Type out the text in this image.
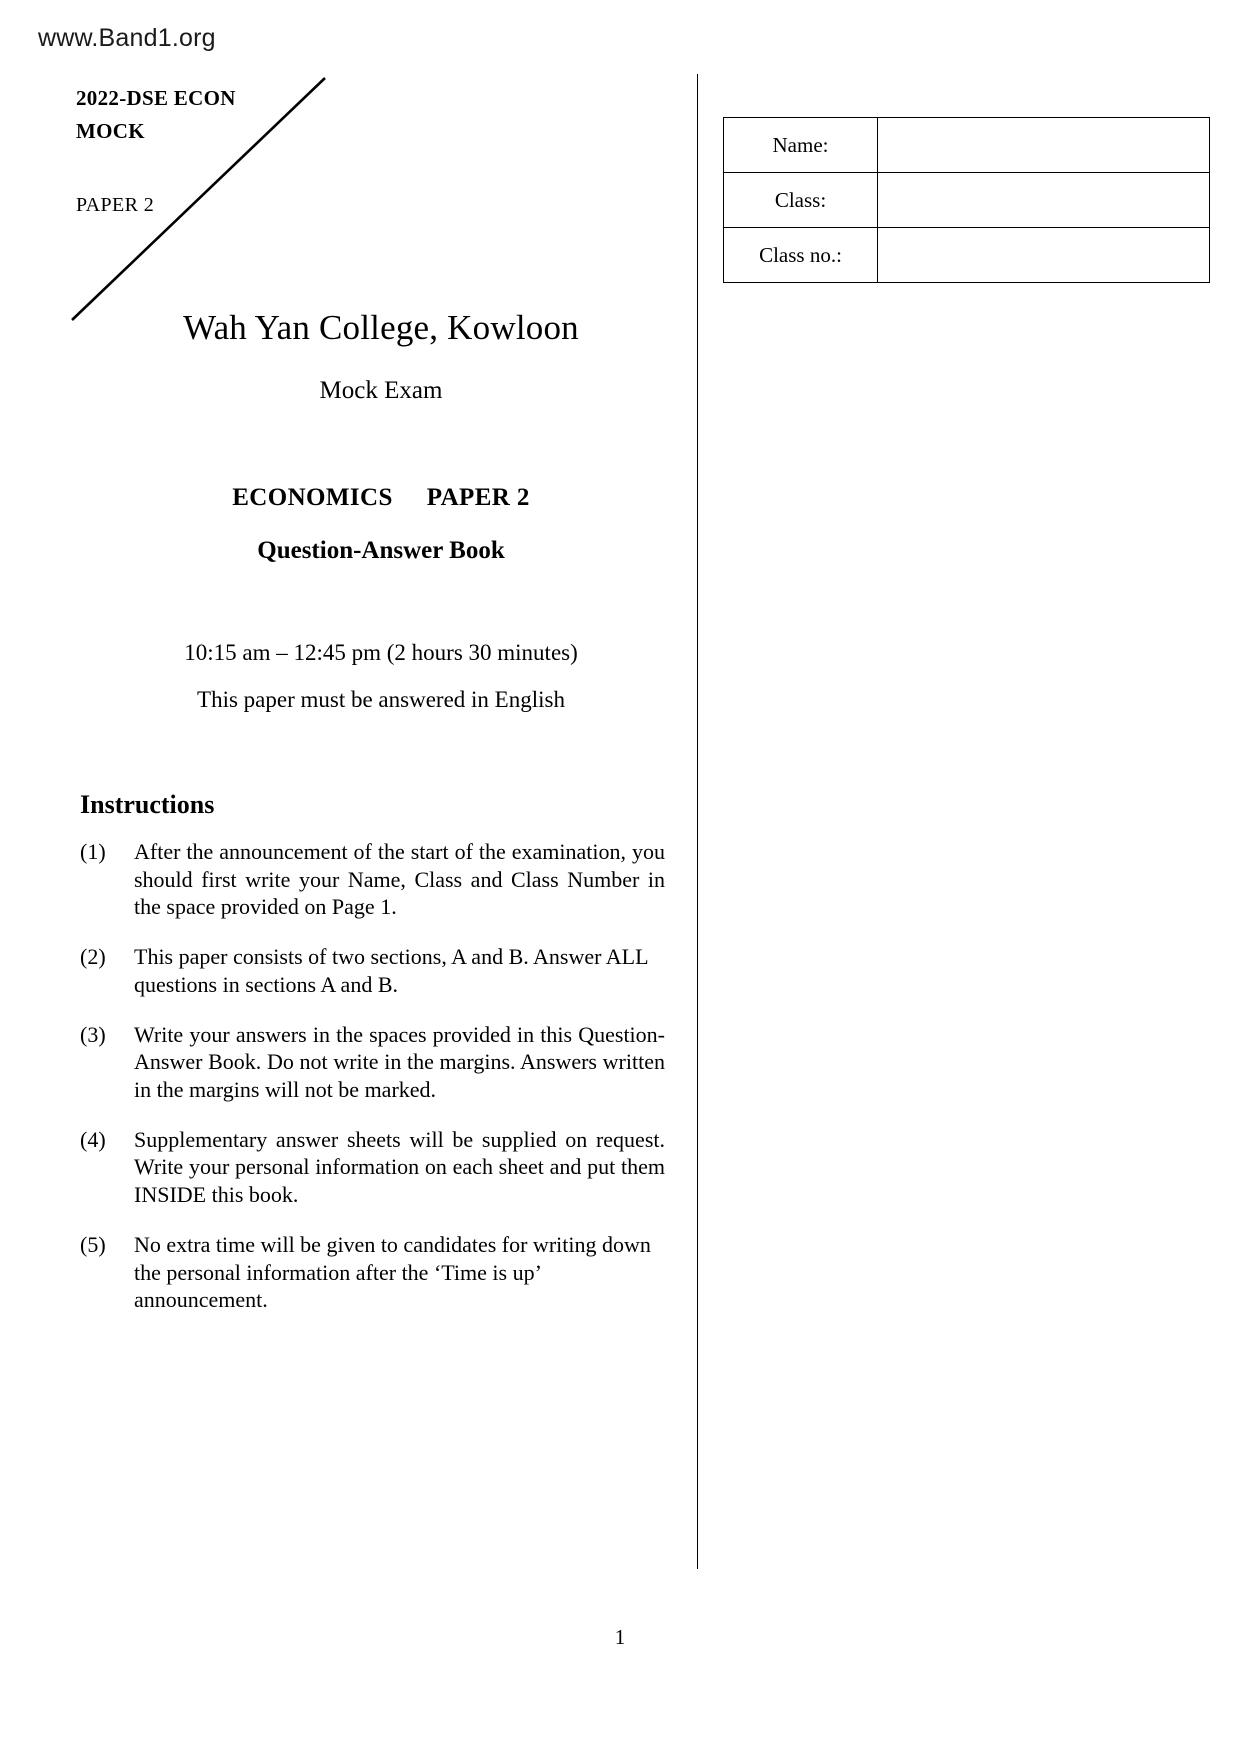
www.Band1.org
2022-DSE ECON
MOCK
PAPER 2
Name:	
Class:	
Class no.:	
Wah Yan College, Kowloon
Mock Exam
ECONOMICS PAPER 2
Question-Answer Book
10:15 am – 12:45 pm (2 hours 30 minutes)
This paper must be answered in English
Instructions
(1)	After the announcement of the start of the examination, you should first write your Name, Class and Class Number in the space provided on Page 1.
(2)	This paper consists of two sections, A and B. Answer ALL questions in sections A and B.
(3)	Write your answers in the spaces provided in this Question-Answer Book. Do not write in the margins. Answers written in the margins will not be marked.
(4)	Supplementary answer sheets will be supplied on request. Write your personal information on each sheet and put them INSIDE this book.
(5)	No extra time will be given to candidates for writing down the personal information after the ‘Time is up’ announcement.
1
